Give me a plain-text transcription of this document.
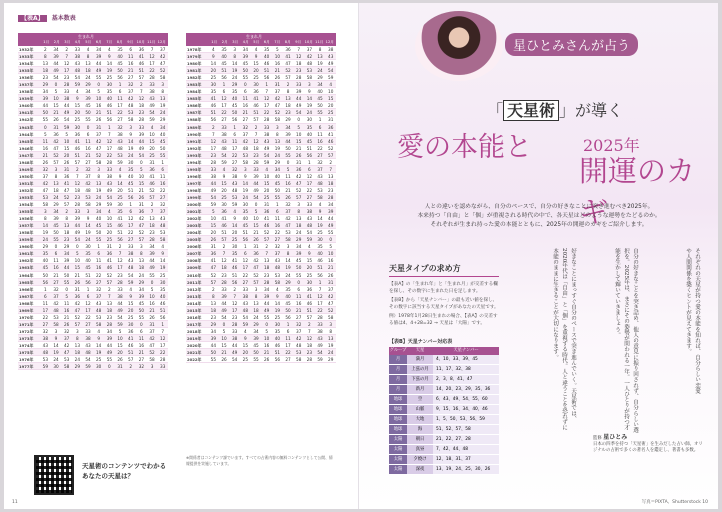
【表A】 基本数表
生まれ月
1月	2月	3月	4月	5月	6月	7月	8月	9月 10月 11月 12月
1932年	2	34	2	33	4	34	4	35	6	36	7	37
1933年	8	39	7	38	8	39	9	40	11	41	12	42
1934年	13	44	12	43	13	44	14	45	16	46	17	47
1935年	18	49	17	48	18	49	19	50	21	51	22	52
1936年	23	54	23	54	24	55	25	56	27	57	28	58
1937年	29	0	28	59	29	0	30	1	32	2	33	3
1938年	34	5	33	4	34	5	35	6	37	7	38	8
1939年	39	10	38	9	39	10	40	11	42	12	43	13
1940年	44	15	44	15	45	16	46	17	48	18	49	19
1941年	50	21	49	20	50	21	51	22	53	23	54	24
1942年	55	26	54	25	55	26	56	27	58	28	59	29
1943年	0	31	59	30	0	31	1	32	3	33	4	34
1944年	5	36	5	36	6	37	7	38	9	39	10	40
1945年	11	42	10	41	11	42	12	43	14	44	15	45
1946年	16	47	15	46	16	47	17	48	19	49	20	50
1947年	21	52	20	51	21	52	22	53	24	54	25	55
1948年	26	57	26	57	27	58	28	59	30	0	31	1
1949年	32	3	31	2	32	3	33	4	35	5	36	6
1950年	37	8	36	7	37	8	38	9	40	10	41	11
1951年	42	13	41	12	42	13	43	14	45	15	46	16
1952年	47	18	47	18	48	19	49	20	51	21	52	22
1953年	53	24	52	23	53	24	54	25	56	26	57	27
1954年	58	29	57	28	58	29	59	30	1	31	2	32
1955年	3	34	2	33	3	34	4	35	6	36	7	37
1956年	8	39	8	39	9	40	10	41	12	42	13	43
1957年	14	45	13	44	14	45	15	46	17	47	18	48
1958年	19	50	18	49	19	50	20	51	22	52	23	53
1959年	24	55	23	54	24	55	25	56	27	57	28	58
1960年	29	0	29	0	30	1	31	2	33	3	34	4
1961年	35	6	34	5	35	6	36	7	38	8	39	9
1962年	40	11	39	10	40	11	41	12	43	13	44	14
1963年	45	16	44	15	45	16	46	17	48	18	49	19
1964年	50	21	50	21	51	22	52	23	54	24	55	25
1965年	56	27	55	26	56	27	57	28	59	29	0	30
1966年	1	32	0	31	1	32	2	33	4	34	5	35
1967年	6	37	5	36	6	37	7	38	9	39	10	40
1968年	11	42	11	42	12	43	13	44	15	45	16	46
1969年	17	48	16	47	17	48	18	49	20	50	21	51
1970年	22	53	21	52	22	53	23	54	25	55	26	56
1971年	27	58	26	57	27	58	28	59	30	0	31	1
1972年	32	3	32	3	33	4	34	5	36	6	37	7
1973年	38	9	37	8	38	9	39	10	41	11	42	12
1974年	43	14	42	13	43	14	44	15	46	16	47	17
1975年	48	19	47	18	48	19	49	20	51	21	52	22
1976年	53	24	53	24	54	25	55	26	57	27	58	28
1977年	59	30	58	29	59	30	0	31	2	32	3	33
生まれ月
1月	2月	3月	4月	5月	6月	7月	8月	9月 10月 11月 12月
1978年	4	35	3	34	4	35	5	36	7	37	8	38
1979年	9	40	8	39	9	40	10	41	12	42	13	43
1980年	14	45	14	45	15	46	16	47	18	48	19	49
1981年	20	51	19	50	20	51	21	52	23	53	24	54
1982年	25	56	24	55	25	56	26	57	28	58	29	59
1983年	30	1	29	0	30	1	31	2	33	3	34	4
1984年	35	6	35	6	36	7	37	8	39	9	40	10
1985年	41	12	40	11	41	12	42	13	44	14	45	15
1986年	46	17	45	16	46	17	47	18	49	19	50	20
1987年	51	22	50	21	51	22	52	23	54	24	55	25
1988年	56	27	56	27	57	28	58	29	0	30	1	31
1989年	2	33	1	32	2	33	3	34	5	35	6	36
1990年	7	38	6	37	7	38	8	39	10	40	11	41
1991年	12	43	11	42	12	43	13	44	15	45	16	46
1992年	17	48	17	48	18	49	19	50	21	51	22	52
1993年	23	54	22	53	23	54	24	55	26	56	27	57
1994年	28	59	27	58	28	59	29	0	31	1	32	2
1995年	33	4	32	3	33	4	34	5	36	6	37	7
1996年	38	9	38	9	39	10	40	11	42	12	43	13
1997年	44	15	43	14	44	15	45	16	47	17	48	18
1998年	49	20	48	19	49	20	50	21	52	22	53	23
1999年	54	25	53	24	54	25	55	26	57	27	58	28
2000年	59	30	59	30	0	31	1	32	3	33	4	34
2001年	5	36	4	35	5	36	6	37	8	38	9	39
2002年	10	41	9	40	10	41	11	42	13	43	14	44
2003年	15	46	14	45	15	46	16	47	18	48	19	49
2004年	20	51	20	51	21	52	22	53	24	54	25	55
2005年	26	57	25	56	26	57	27	58	29	59	30	0
2006年	31	2	30	1	31	2	32	3	34	4	35	5
2007年	36	7	35	6	36	7	37	8	39	9	40	10
2008年	41	12	41	12	42	13	43	14	45	15	46	16
2009年	47	18	46	17	47	18	48	19	50	20	51	21
2010年	52	23	51	22	52	23	53	24	55	25	56	26
2011年	57	28	56	27	57	28	58	29	0	30	1	31
2012年	2	33	2	33	3	34	4	35	6	36	7	37
2013年	8	39	7	38	8	39	9	40	11	41	12	42
2014年	13	44	12	43	13	44	14	45	16	46	17	47
2015年	18	49	17	48	18	49	19	50	21	51	22	52
2016年	23	54	23	54	24	55	25	56	27	57	28	58
2017年	29	0	28	59	29	0	30	1	32	2	33	3
2018年	34	5	33	4	34	5	35	6	37	7	38	8
2019年	39	10	38	9	39	10	40	11	42	12	43	13
2020年	44	15	44	15	45	16	46	17	48	18	49	19
2021年	50	21	49	20	50	21	51	22	53	23	54	24
2022年	55	26	54	25	55	26	56	27	58	28	59	29
天星術のコンテンツでわかる
あなたの天星は？
※関係者はコンテンツ課でいます。すべての占術内容の無料コンテンツとして公開、情報提供を実施しています。
11
星ひとみさんが占う
「 天星術 」が導く
愛の本能と	2025年
開運のカギ
人との違いを認めながら、自分のペースで、自分の好きなことに突き進むべき2025年。
本来持つ「自由」と「個」が重視される時代の中で、各天星はどのような運勢をたどるのか。
それぞれが生まれ持った愛の本能とともに、2025年の開運のカギをご紹介します。
天星タイプの求め方

【表A】の「生まれ年」と「生まれ月」が交差する欄を探し、その数字に生まれた日を足します。

【表B】から「天星ナンバー」の最も近い値を探し、その数字に該当する天星タイプがあなたの天星です。

例）1978年1月28日生まれの場合、【表A】の交差する値は4、4+28=32 → 天星は「大陽」です。

【表B】天星ナンバー対応表
グループ	天星	天星ナンバー
月	満月	4、10、33、39、45
月	上弦の月	11、17、32、38
月	下弦の月	2、3、8、41、47
月	新月	14、20、23、29、35、36
地球	空	6、43、49、54、55、60
地球	山脈	9、15、16、34、40、46
地球	大地	1、5、50、53、56、59
地球	海	51、52、57、58
太陽	朝日	21、22、27、28
太陽	真昼	7、42、44、48
太陽	夕焼け	12、18、31、37
太陽	深夜	13、19、24、25、30、26
好きなことにまっすぐ自分のペースで突き進んでいく。天星術では、2020年代は「自由」と「個」を重視する時代。人と違うことを恐れずに本能のままに生きることが大切になります。	自分の好きなことを突き詰め、他人の意見に振り回されず、自分らしい選択を。2025年は、まさにその姿勢が問われる一年。一人ひとりが持つ才能を生かして輝いていきましょう。	それぞれの天星が持つ愛の本能を知れば、自分らしい恋愛や人間関係を築くヒントが見えてきます。
監修 星ひとみ
日本の四季を持つ「天星術」を生みだした占い師。オリジナルの占術で多くの著名人を鑑定し、著書も多数。
写真＝PIXTA、Shutterstock 10
